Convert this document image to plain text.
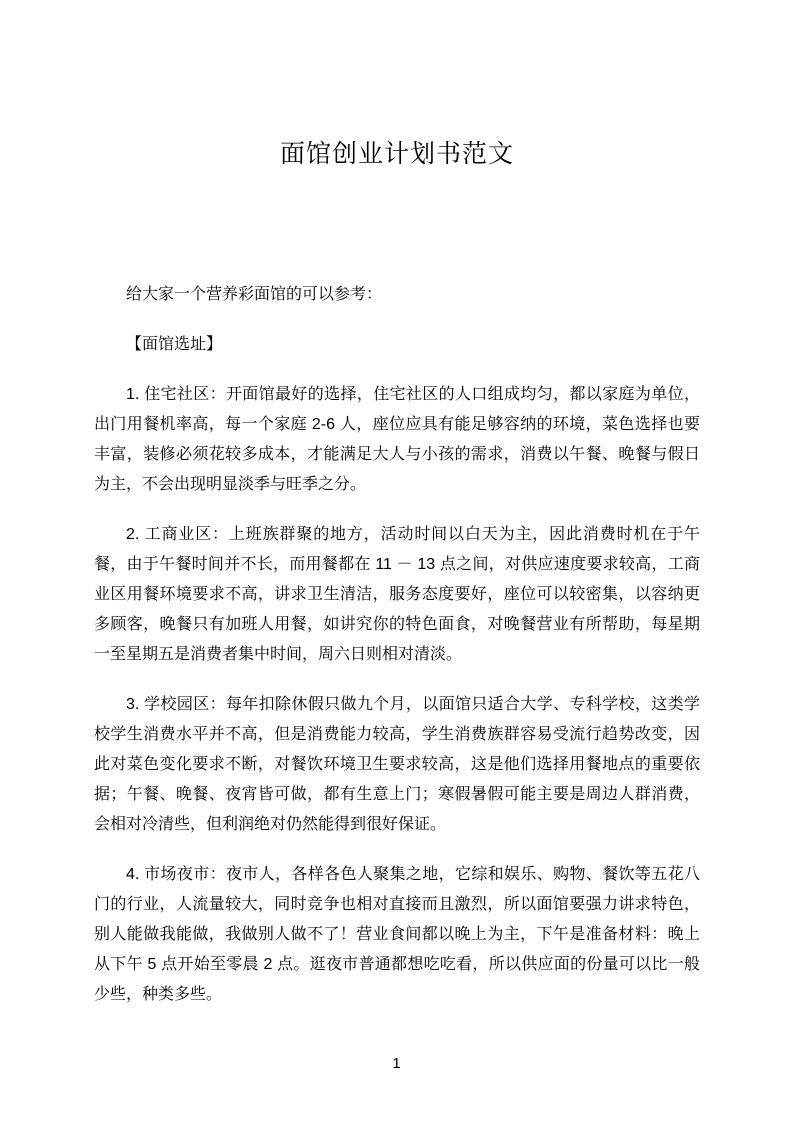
面馆创业计划书范文

给大家一个营养彩面馆的可以参考：

【面馆选址】

1. 住宅社区：开面馆最好的选择，住宅社区的人口组成均匀，都以家庭为单位，出门用餐机率高，每一个家庭 2-6 人，座位应具有能足够容纳的环境，菜色选择也要丰富，装修必须花较多成本，才能满足大人与小孩的需求，消费以午餐、晚餐与假日为主，不会出现明显淡季与旺季之分。

2. 工商业区：上班族群聚的地方，活动时间以白天为主，因此消费时机在于午餐，由于午餐时间并不长，而用餐都在 11 － 13 点之间，对供应速度要求较高，工商业区用餐环境要求不高，讲求卫生清洁，服务态度要好，座位可以较密集，以容纳更多顾客，晚餐只有加班人用餐，如讲究你的特色面食，对晚餐营业有所帮助，每星期一至星期五是消费者集中时间，周六日则相对清淡。

3. 学校园区：每年扣除休假只做九个月，以面馆只适合大学、专科学校，这类学校学生消费水平并不高，但是消费能力较高，学生消费族群容易受流行趋势改变，因此对菜色变化要求不断，对餐饮环境卫生要求较高，这是他们选择用餐地点的重要依据；午餐、晚餐、夜宵皆可做，都有生意上门；寒假暑假可能主要是周边人群消费，会相对冷清些，但利润绝对仍然能得到很好保证。

4. 市场夜市：夜市人，各样各色人聚集之地，它综和娱乐、购物、餐饮等五花八门的行业，人流量较大，同时竞争也相对直接而且激烈，所以面馆要强力讲求特色，别人能做我能做，我做别人做不了！营业食间都以晚上为主，下午是准备材料：晚上从下午 5 点开始至零晨 2 点。逛夜市普通都想吃吃看，所以供应面的份量可以比一般少些，种类多些。

1
